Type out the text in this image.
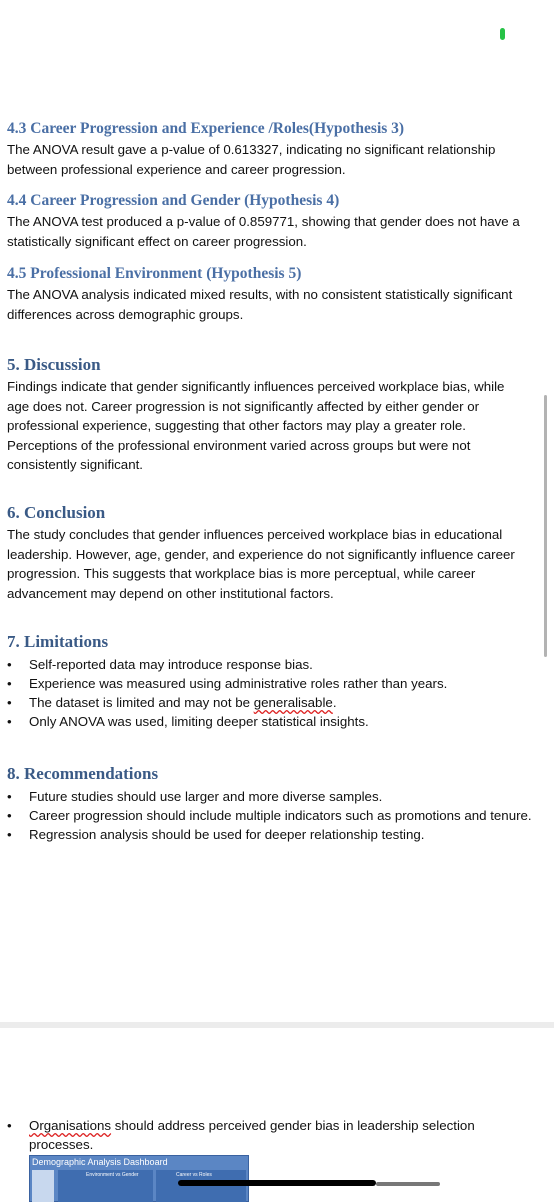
4.3 Career Progression and Experience /Roles(Hypothesis 3)
The ANOVA result gave a p-value of 0.613327, indicating no significant relationship
between professional experience and career progression.
4.4 Career Progression and Gender (Hypothesis 4)
The ANOVA test produced a p-value of 0.859771, showing that gender does not have a
statistically significant effect on career progression.
4.5 Professional Environment (Hypothesis 5)
The ANOVA analysis indicated mixed results, with no consistent statistically significant
differences across demographic groups.
5. Discussion
Findings indicate that gender significantly influences perceived workplace bias, while
age does not. Career progression is not significantly affected by either gender or
professional experience, suggesting that other factors may play a greater role.
Perceptions of the professional environment varied across groups but were not
consistently significant.
6. Conclusion
The study concludes that gender influences perceived workplace bias in educational
leadership. However, age, gender, and experience do not significantly influence career
progression. This suggests that workplace bias is more perceptual, while career
advancement may depend on other institutional factors.
7. Limitations
• Self-reported data may introduce response bias.
• Experience was measured using administrative roles rather than years.
• The dataset is limited and may not be generalisable.
• Only ANOVA was used, limiting deeper statistical insights.
8. Recommendations
• Future studies should use larger and more diverse samples.
• Career progression should include multiple indicators such as promotions and tenure.
• Regression analysis should be used for deeper relationship testing.
• Organisations should address perceived gender bias in leadership selection
processes.
Demographic Analysis Dashboard
Environment vs Gender	Career vs Roles
